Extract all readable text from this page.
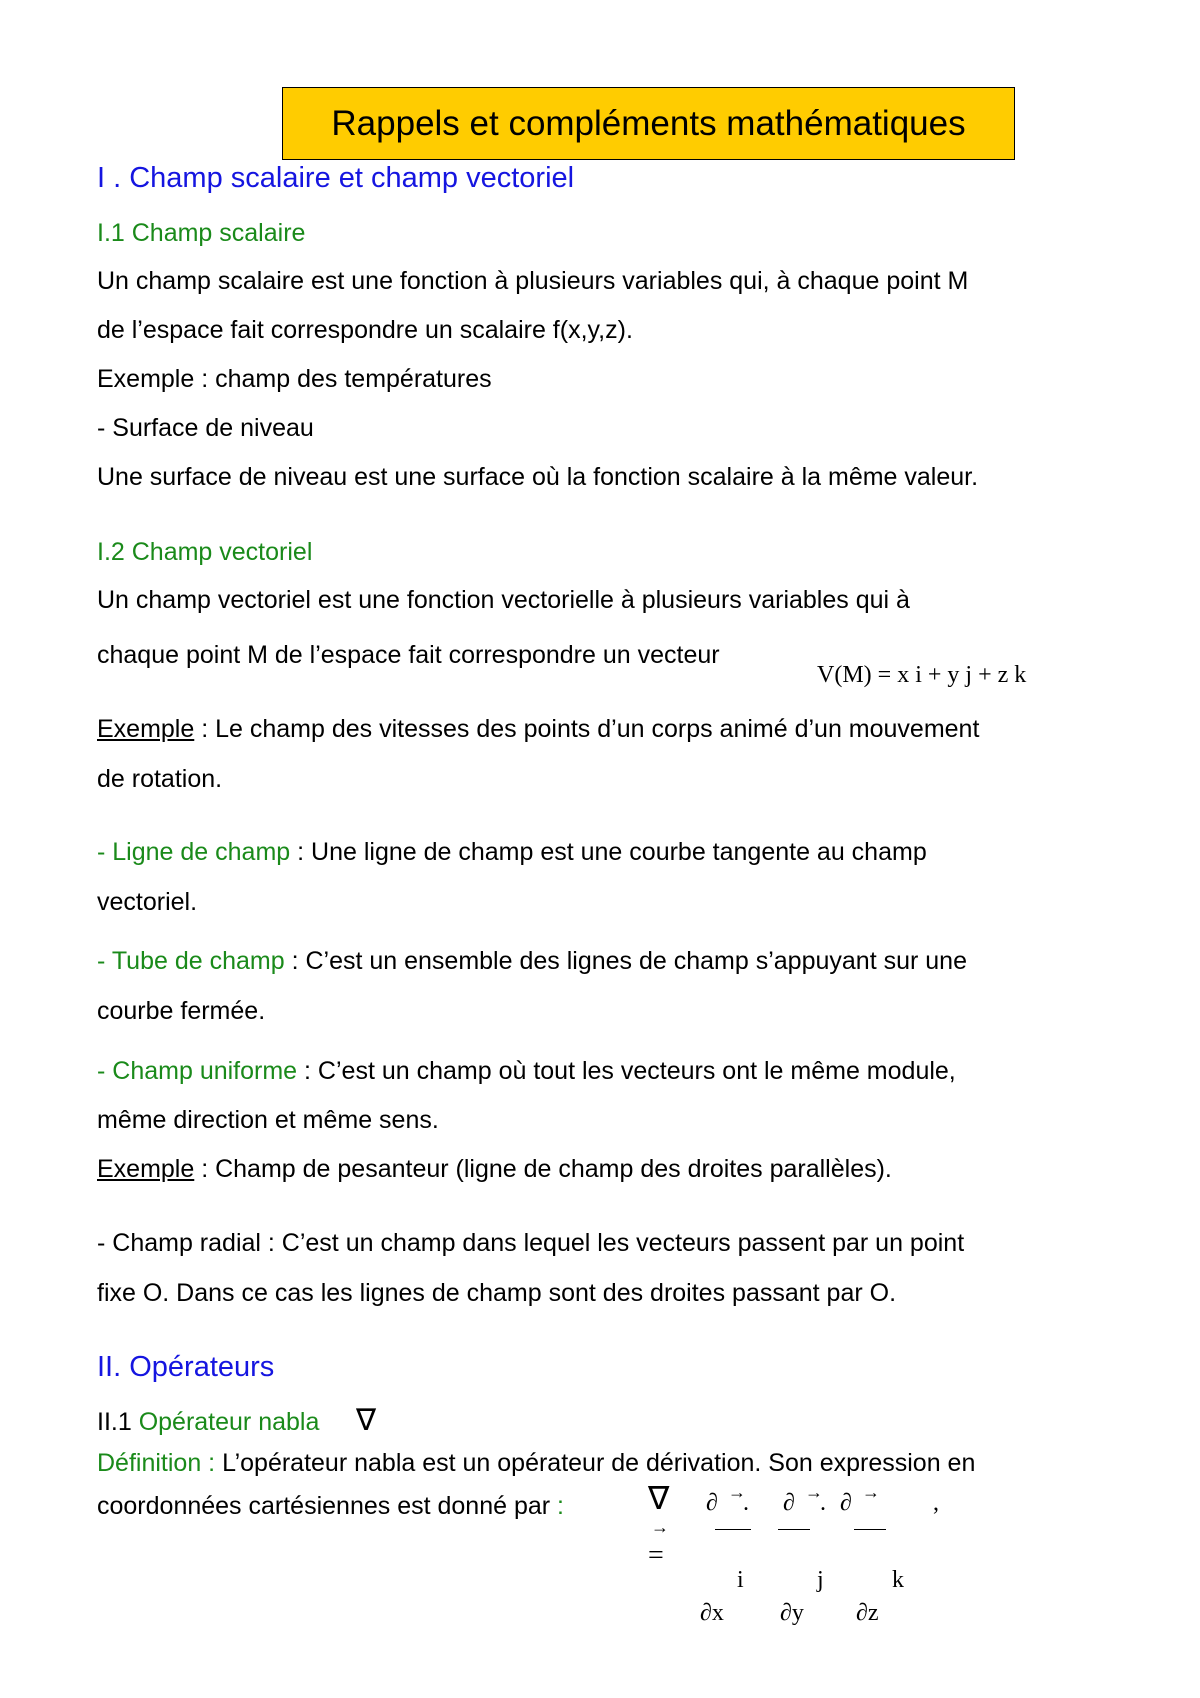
Rappels et compléments mathématiques
I . Champ scalaire et champ vectoriel
I.1 Champ scalaire
Un champ scalaire est une fonction à plusieurs variables qui, à chaque point M
de l’espace fait correspondre un scalaire f(x,y,z).
Exemple : champ des températures
- Surface de niveau
Une surface de niveau est une surface où la fonction scalaire à la même valeur.
I.2 Champ vectoriel
Un champ vectoriel est une fonction vectorielle à plusieurs variables qui à
chaque point M de l’espace fait correspondre un vecteur
V(M) = x i + y j + z k
Exemple : Le champ des vitesses des points d’un corps animé d’un mouvement
de rotation.
- Ligne de champ : Une ligne de champ est une courbe tangente au champ
vectoriel.
- Tube de champ : C’est un ensemble des lignes de champ s’appuyant sur une
courbe fermée.
- Champ uniforme : C’est un champ où tout les vecteurs ont le même module,
même direction et même sens.
Exemple : Champ de pesanteur (ligne de champ des droites parallèles).
- Champ radial : C’est un champ dans lequel les vecteurs passent par un point
fixe O. Dans ce cas les lignes de champ sont des droites passant par O.
II. Opérateurs
II.1 Opérateur nabla ∇
Définition : L’opérateur nabla est un opérateur de dérivation. Son expression en
coordonnées cartésiennes est donné par :	∇
→
=
∂ →
. ∂ →
. ∂ → ,
i	j	k
∂x ∂y ∂z
